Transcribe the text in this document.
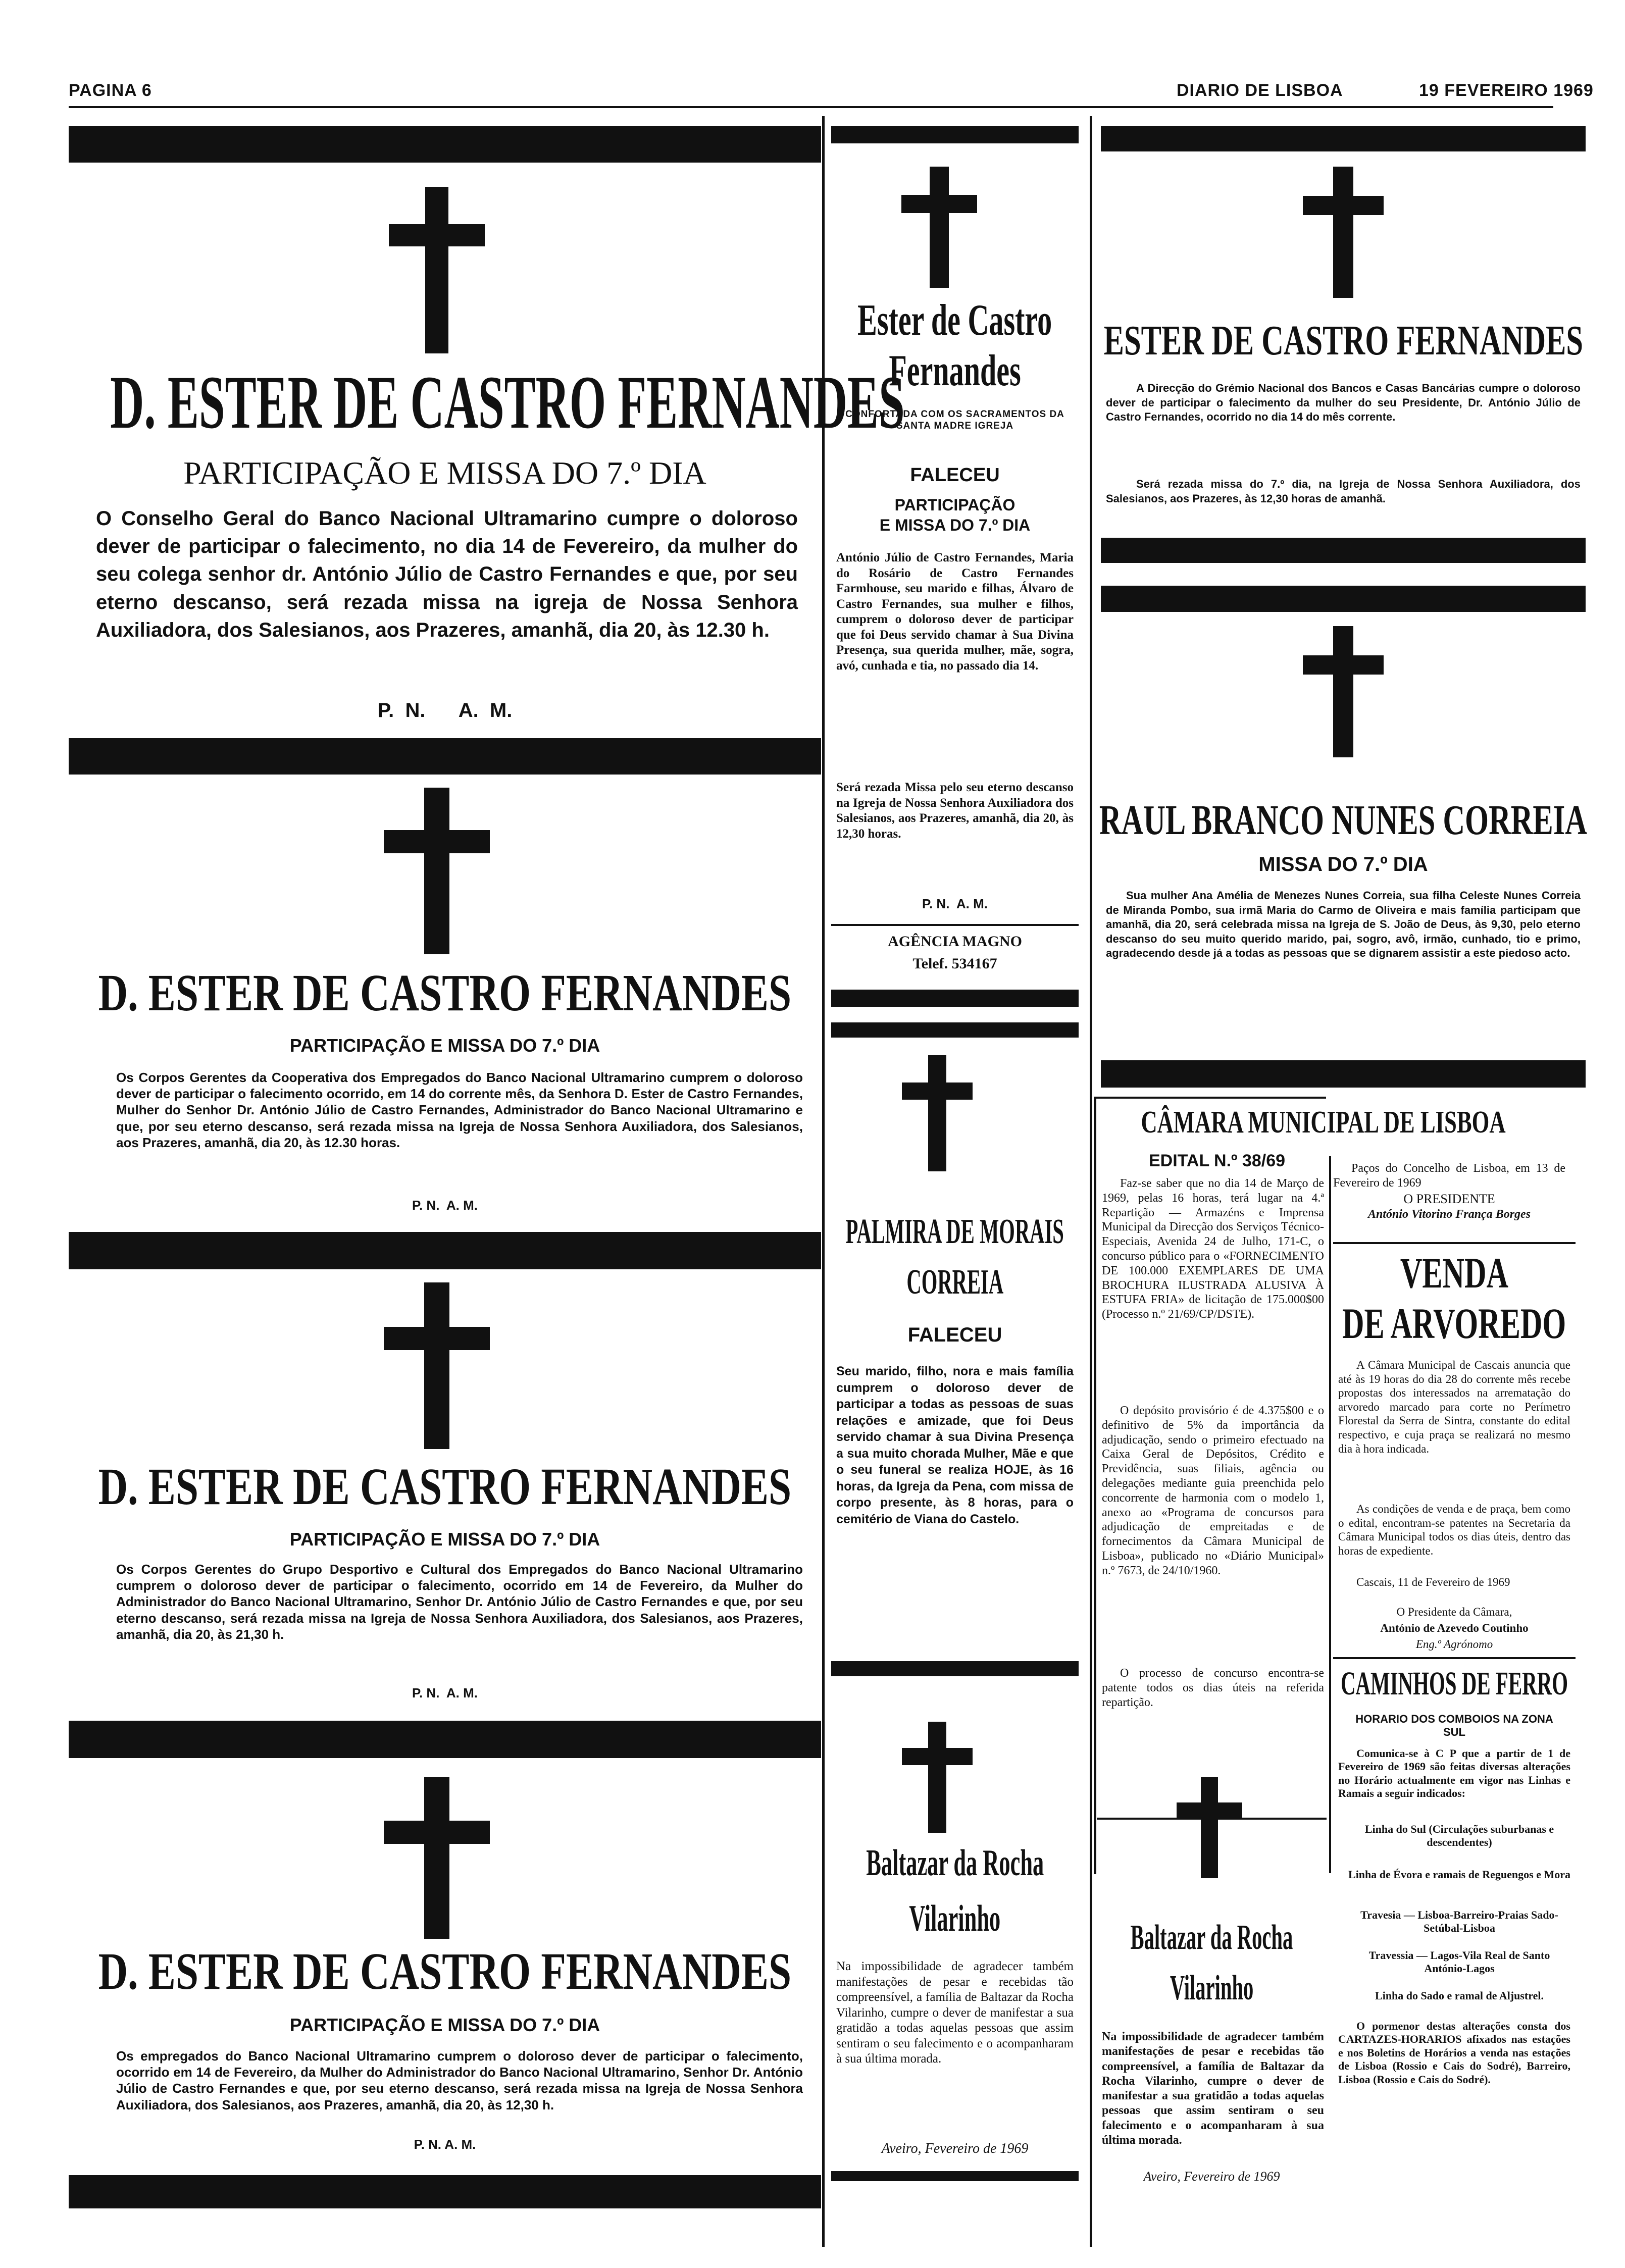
PAGINA 6	DIARIO DE LISBOA	19 FEVEREIRO 1969
D. ESTER DE CASTRO FERNANDES
PARTICIPAÇÃO E MISSA DO 7.º DIA
O Conselho Geral do Banco Nacional Ultramarino cumpre o doloroso dever de participar o falecimento, no dia 14 de Fevereiro, da mulher do seu colega senhor dr. António Júlio de Castro Fernandes e que, por seu eterno descanso, será rezada missa na igreja de Nossa Senhora Auxiliadora, dos Salesianos, aos Prazeres, amanhã, dia 20, às 12.30 h.
P.  N.      A.  M.
D. ESTER DE CASTRO FERNANDES
PARTICIPAÇÃO E MISSA DO 7.º DIA
Os Corpos Gerentes da Cooperativa dos Empregados do Banco Nacional Ultramarino cumprem o doloroso dever de participar o falecimento ocorrido, em 14 do corrente mês, da Senhora D. Ester de Castro Fernandes, Mulher do Senhor Dr. António Júlio de Castro Fernandes, Administrador do Banco Nacional Ultramarino e que, por seu eterno descanso, será rezada missa na Igreja de Nossa Senhora Auxiliadora, dos Salesianos, aos Prazeres, amanhã, dia 20, às 12.30 horas.
P. N.  A. M.
D. ESTER DE CASTRO FERNANDES
PARTICIPAÇÃO E MISSA DO 7.º DIA
Os Corpos Gerentes do Grupo Desportivo e Cultural dos Empregados do Banco Nacional Ultramarino cumprem o doloroso dever de participar o falecimento, ocorrido em 14 de Fevereiro, da Mulher do Administrador do Banco Nacional Ultramarino, Senhor Dr. António Júlio de Castro Fernandes e que, por seu eterno descanso, será rezada missa na Igreja de Nossa Senhora Auxiliadora, dos Salesianos, aos Prazeres, amanhã, dia 20, às 21,30 h.
P. N.  A. M.
D. ESTER DE CASTRO FERNANDES
PARTICIPAÇÃO E MISSA DO 7.º DIA
Os empregados do Banco Nacional Ultramarino cumprem o doloroso dever de participar o falecimento, ocorrido em 14 de Fevereiro, da Mulher do Administrador do Banco Nacional Ultramarino, Senhor Dr. António Júlio de Castro Fernandes e que, por seu eterno descanso, será rezada missa na Igreja de Nossa Senhora Auxiliadora, dos Salesianos, aos Prazeres, amanhã, dia 20, às 12,30 h.
P. N. A. M.
Ester de Castro
Fernandes
CONFORTADA COM OS SACRAMENTOS DA SANTA MADRE IGREJA
FALECEU
PARTICIPAÇÃO
E MISSA DO 7.º DIA
António Júlio de Castro Fernandes, Maria do Rosário de Castro Fernandes Farmhouse, seu marido e filhas, Álvaro de Castro Fernandes, sua mulher e filhos, cumprem o doloroso dever de participar que foi Deus servido chamar à Sua Divina Presença, sua querida mulher, mãe, sogra, avó, cunhada e tia, no passado dia 14.
Será rezada Missa pelo seu eterno descanso na Igreja de Nossa Senhora Auxiliadora dos Salesianos, aos Prazeres, amanhã, dia 20, às 12,30 horas.
P. N.  A. M.
AGÊNCIA MAGNO
Telef. 534167
PALMIRA DE MORAIS
CORREIA
FALECEU
Seu marido, filho, nora e mais família cumprem o doloroso dever de participar a todas as pessoas de suas relações e amizade, que foi Deus servido chamar à sua Divina Presença a sua muito chorada Mulher, Mãe e que o seu funeral se realiza HOJE, às 16 horas, da Igreja da Pena, com missa de corpo presente, às 8 horas, para o cemitério de Viana do Castelo.
Baltazar da Rocha
Vilarinho
Na impossibilidade de agradecer também manifestações de pesar e recebidas tão compreensível, a família de Baltazar da Rocha Vilarinho, cumpre o dever de manifestar a sua gratidão a todas aquelas pessoas que assim sentiram o seu falecimento e o acompanharam à sua última morada.
Aveiro, Fevereiro de 1969
ESTER DE CASTRO FERNANDES
A Direcção do Grémio Nacional dos Bancos e Casas Bancárias cumpre o doloroso dever de participar o falecimento da mulher do seu Presidente, Dr. António Júlio de Castro Fernandes, ocorrido no dia 14 do mês corrente.
Será rezada missa do 7.º dia, na Igreja de Nossa Senhora Auxiliadora, dos Salesianos, aos Prazeres, às 12,30 horas de amanhã.
RAUL BRANCO NUNES CORREIA
MISSA DO 7.º DIA
Sua mulher Ana Amélia de Menezes Nunes Correia, sua filha Celeste Nunes Correia de Miranda Pombo, sua irmã Maria do Carmo de Oliveira e mais família participam que amanhã, dia 20, será celebrada missa na Igreja de S. João de Deus, às 9,30, pelo eterno descanso do seu muito querido marido, pai, sogro, avô, irmão, cunhado, tio e primo, agradecendo desde já a todas as pessoas que se dignarem assistir a este piedoso acto.
CÂMARA MUNICIPAL DE LISBOA
EDITAL N.º 38/69
Faz-se saber que no dia 14 de Março de 1969, pelas 16 horas, terá lugar na 4.ª Repartição — Armazéns e Imprensa Municipal da Direcção dos Serviços Técnico-Especiais, Avenida 24 de Julho, 171-C, o concurso público para o «FORNECIMENTO DE 100.000 EXEMPLARES DE UMA BROCHURA ILUSTRADA ALUSIVA À ESTUFA FRIA» de licitação de 175.000$00 (Processo n.º 21/69/CP/DSTE).
O depósito provisório é de 4.375$00 e o definitivo de 5% da importância da adjudicação, sendo o primeiro efectuado na Caixa Geral de Depósitos, Crédito e Previdência, suas filiais, agência ou delegações mediante guia preenchida pelo concorrente de harmonia com o modelo 1, anexo ao «Programa de concursos para adjudicação de empreitadas e de fornecimentos da Câmara Municipal de Lisboa», publicado no «Diário Municipal» n.º 7673, de 24/10/1960.
O processo de concurso encontra-se patente todos os dias úteis na referida repartição.
Paços do Concelho de Lisboa, em 13 de Fevereiro de 1969
O PRESIDENTE
António Vitorino França Borges
VENDA
DE ARVOREDO
A Câmara Municipal de Cascais anuncia que até às 19 horas do dia 28 do corrente mês recebe propostas dos interessados na arrematação do arvoredo marcado para corte no Perímetro Florestal da Serra de Sintra, constante do edital respectivo, e cuja praça se realizará no mesmo dia à hora indicada.
As condições de venda e de praça, bem como o edital, encontram-se patentes na Secretaria da Câmara Municipal todos os dias úteis, dentro das horas de expediente.
Cascais, 11 de Fevereiro de 1969
O Presidente da Câmara,
António de Azevedo Coutinho
Eng.º Agrónomo
CAMINHOS DE FERRO
HORARIO DOS COMBOIOS NA ZONA SUL
Comunica-se à C P que a partir de 1 de Fevereiro de 1969 são feitas diversas alterações no Horário actualmente em vigor nas Linhas e Ramais a seguir indicados:
Linha do Sul (Circulações suburbanas e descendentes)
Linha de Évora e ramais de Reguengos e Mora
Travesia — Lisboa-Barreiro-Praias Sado-Setúbal-Lisboa
Travessia — Lagos-Vila Real de Santo António-Lagos
Linha do Sado e ramal de Aljustrel.
O pormenor destas alterações consta dos CARTAZES-HORARIOS afixados nas estações e nos Boletins de Horários a venda nas estações de Lisboa (Rossio e Cais do Sodré), Barreiro, Lisboa (Rossio e Cais do Sodré).
Baltazar da Rocha
Vilarinho
Na impossibilidade de agradecer também manifestações de pesar e recebidas tão compreensível, a família de Baltazar da Rocha Vilarinho, cumpre o dever de manifestar a sua gratidão a todas aquelas pessoas que assim sentiram o seu falecimento e o acompanharam à sua última morada.
Aveiro, Fevereiro de 1969
